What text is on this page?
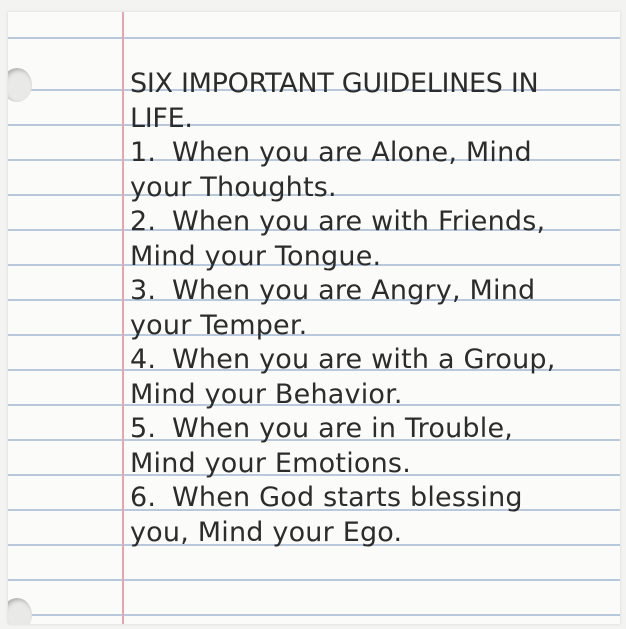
SIX IMPORTANT GUIDELINES IN
LIFE.
1. When you are Alone, Mind
your Thoughts.
2. When you are with Friends,
Mind your Tongue.
3. When you are Angry, Mind
your Temper.
4. When you are with a Group,
Mind your Behavior.
5. When you are in Trouble,
Mind your Emotions.
6. When God starts blessing
you, Mind your Ego.
